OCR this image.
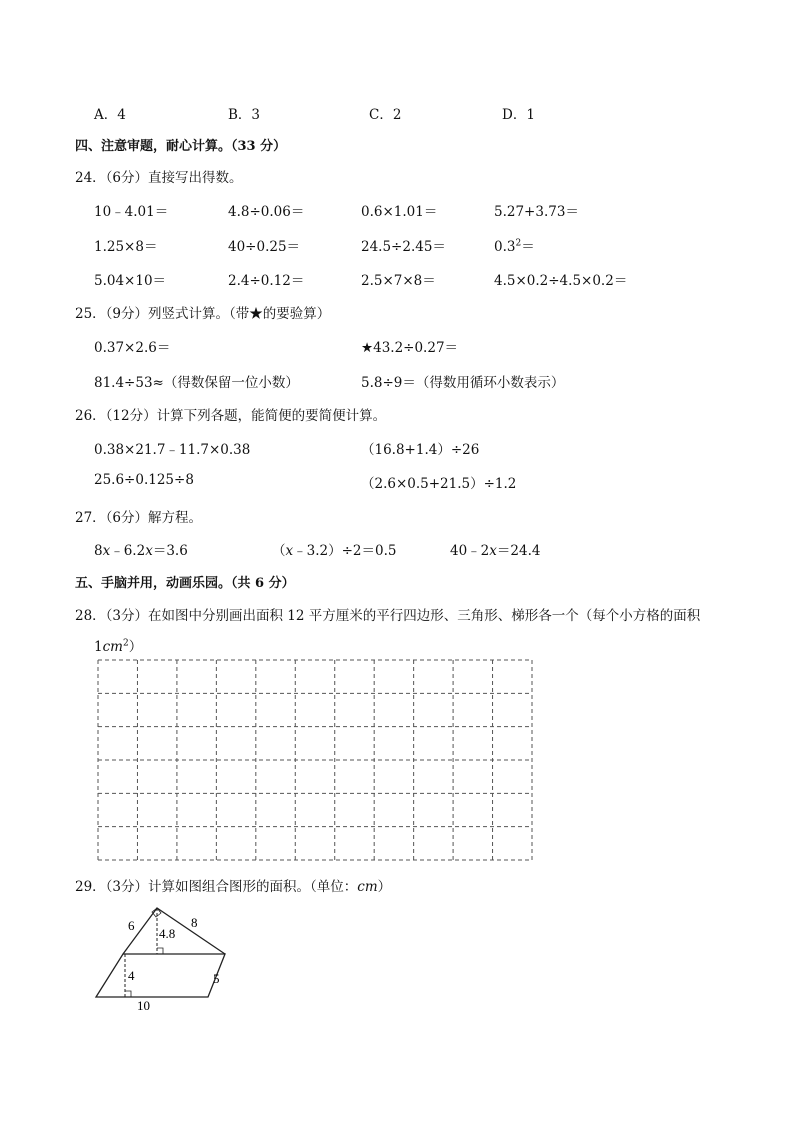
A．4	B．3	C．2	D．1
四、注意审题，耐心计算。（33 分）
24．（6分）直接写出得数。
10﹣4.01＝	4.8÷0.06＝	0.6×1.01＝	5.27+3.73＝
1.25×8＝	40÷0.25＝	24.5÷2.45＝	$0.3^2=$
5.04×10＝	2.4÷0.12＝	2.5×7×8＝	4.5×0.2÷4.5×0.2＝
25．（9分）列竖式计算。（带★的要验算）
0.37×2.6＝	★43.2÷0.27＝
81.4÷53≈（得数保留一位小数）	5.8÷9＝（得数用循环小数表示）
26．（12分）计算下列各题，能简便的要简便计算。
0.38×21.7﹣11.7×0.38	（16.8+1.4）÷26
25.6÷0.125÷8	（2.6×0.5+21.5）÷1.2
27．（6分）解方程。
8x﹣6.2x＝3.6	（x﹣3.2）÷2＝0.5	40﹣2x＝24.4
五、手脑并用，动画乐园。（共 6 分）
28．（3分）在如图中分别画出面积 12 平方厘米的平行四边形、三角形、梯形各一个（每个小方格的面积
$1cm^2$）
29．（3分）计算如图组合图形的面积。（单位：cm）
6	8
4.8
4	5
10
